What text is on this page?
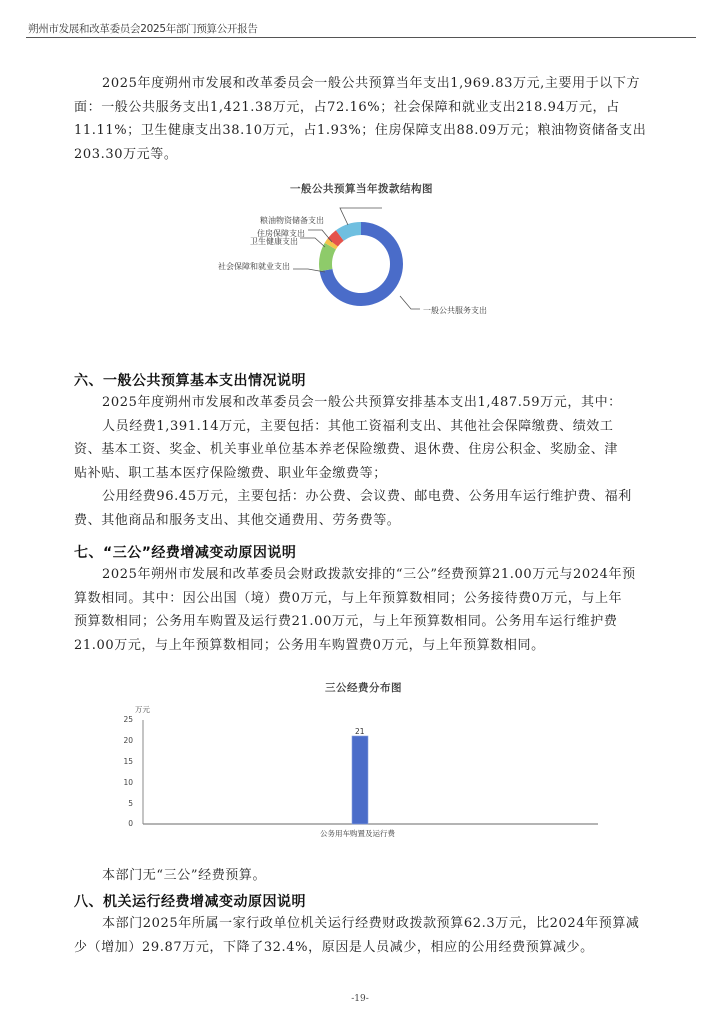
朔州市发展和改革委员会2025年部门预算公开报告
2025年度朔州市发展和改革委员会一般公共预算当年支出1,969.83万元,主要用于以下方
面：一般公共服务支出1,421.38万元，占72.16%；社会保障和就业支出218.94万元，占
11.11%；卫生健康支出38.10万元，占1.93%；住房保障支出88.09万元；粮油物资储备支出
203.30万元等。
一般公共预算当年拨款结构图
粮油物资储备支出
住房保障支出
卫生健康支出
社会保障和就业支出
一般公共服务支出
六、一般公共预算基本支出情况说明
2025年度朔州市发展和改革委员会一般公共预算安排基本支出1,487.59万元，其中：
人员经费1,391.14万元，主要包括：其他工资福利支出、其他社会保障缴费、绩效工
资、基本工资、奖金、机关事业单位基本养老保险缴费、退休费、住房公积金、奖励金、津
贴补贴、职工基本医疗保险缴费、职业年金缴费等；
公用经费96.45万元，主要包括：办公费、会议费、邮电费、公务用车运行维护费、福利
费、其他商品和服务支出、其他交通费用、劳务费等。
七、“三公”经费增减变动原因说明
2025年朔州市发展和改革委员会财政拨款安排的“三公”经费预算21.00万元与2024年预
算数相同。其中：因公出国（境）费0万元，与上年预算数相同；公务接待费0万元，与上年
预算数相同；公务用车购置及运行费21.00万元，与上年预算数相同。公务用车运行维护费
21.00万元，与上年预算数相同；公务用车购置费0万元，与上年预算数相同。
三公经费分布图
万元
25
20
15
10
5
0
21
公务用车购置及运行费
本部门无“三公”经费预算。
八、机关运行经费增减变动原因说明
本部门2025年所属一家行政单位机关运行经费财政拨款预算62.3万元，比2024年预算减
少（增加）29.87万元，下降了32.4%，原因是人员减少，相应的公用经费预算减少。
-19-
